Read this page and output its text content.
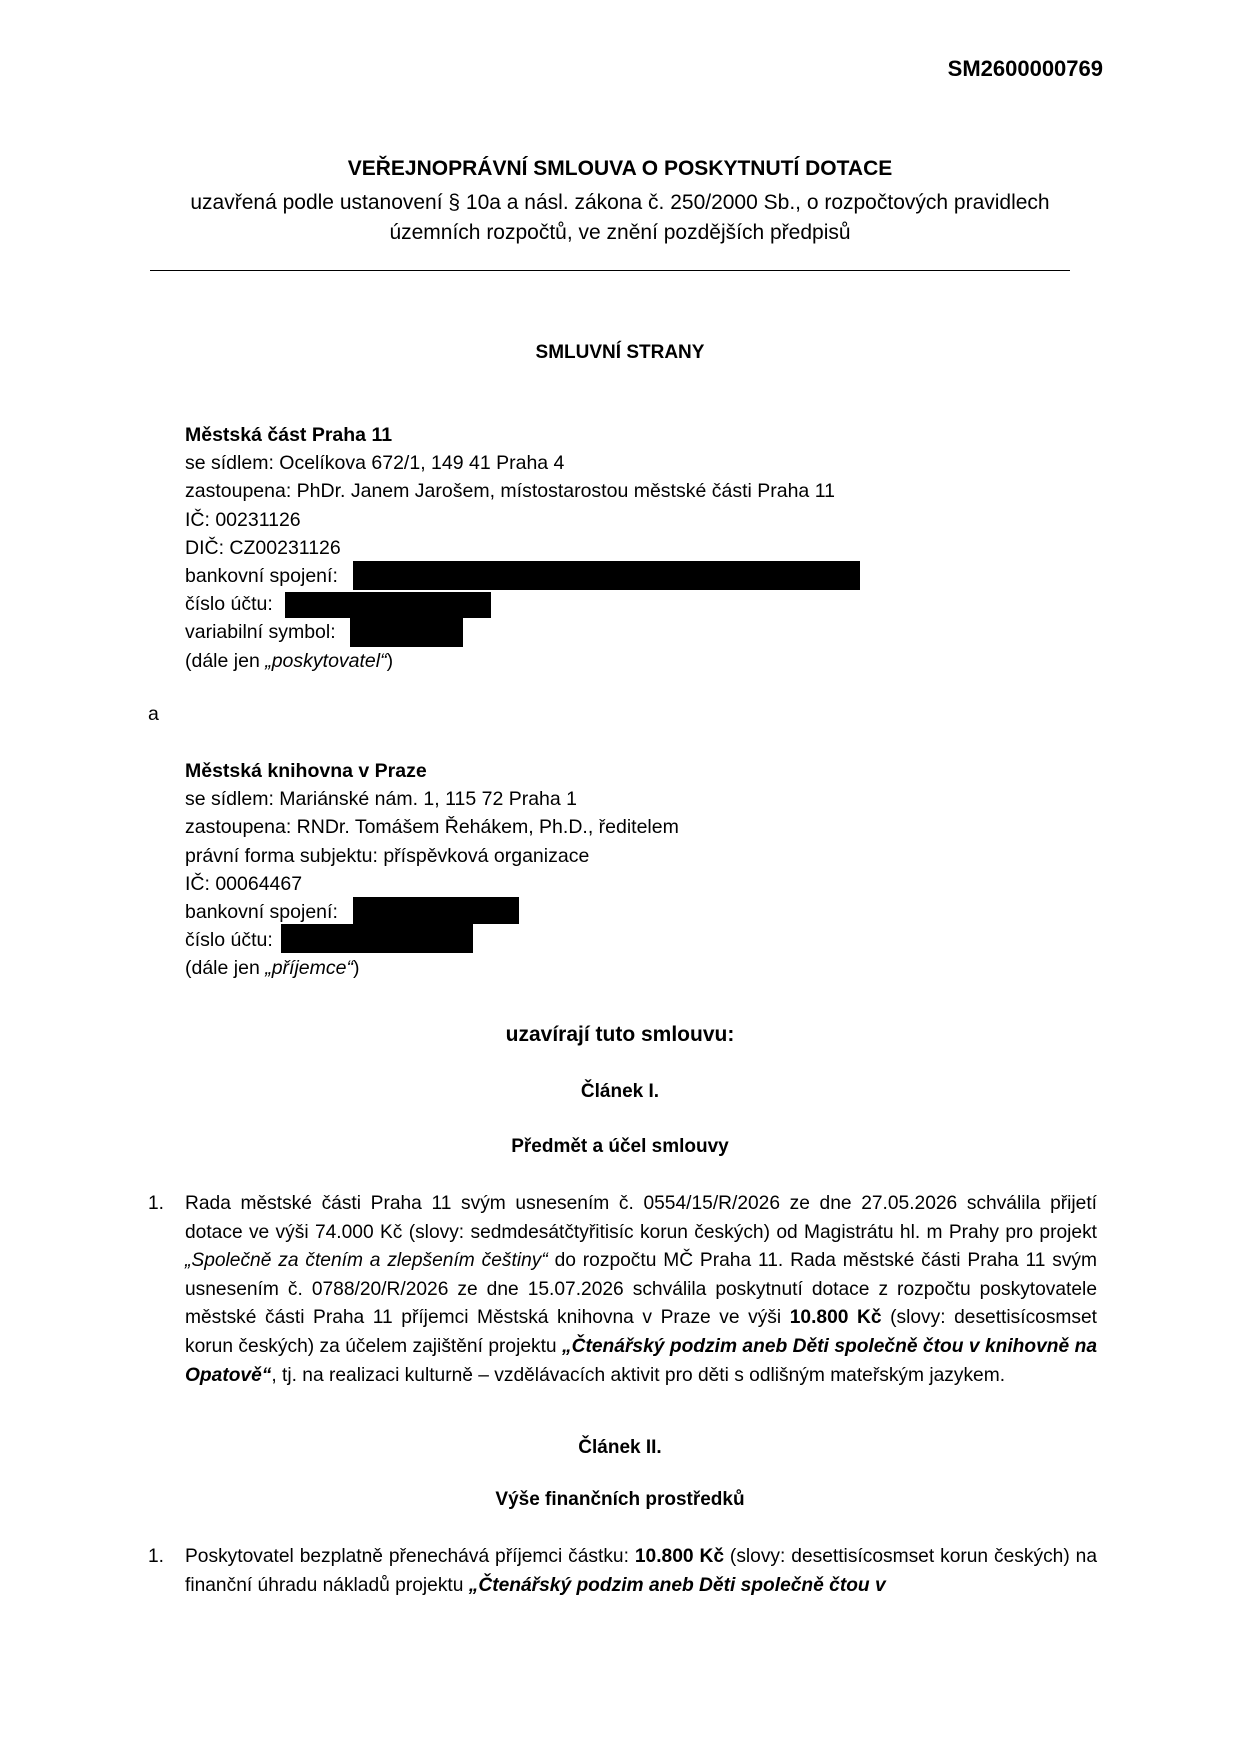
SM2600000769
VEŘEJNOPRÁVNÍ SMLOUVA O POSKYTNUTÍ DOTACE
uzavřená podle ustanovení § 10a a násl. zákona č. 250/2000 Sb., o rozpočtových pravidlech
územních rozpočtů, ve znění pozdějších předpisů
SMLUVNÍ STRANY
Městská část Praha 11
se sídlem: Ocelíkova 672/1, 149 41 Praha 4
zastoupena: PhDr. Janem Jarošem, místostarostou městské části Praha 11
IČ: 00231126
DIČ: CZ00231126
bankovní spojení:
číslo účtu:
variabilní symbol:
(dále jen „poskytovatel“)
a
Městská knihovna v Praze
se sídlem: Mariánské nám. 1, 115 72 Praha 1
zastoupena: RNDr. Tomášem Řehákem, Ph.D., ředitelem
právní forma subjektu: příspěvková organizace
IČ: 00064467
bankovní spojení:
číslo účtu:
(dále jen „příjemce“)
uzavírají tuto smlouvu:
Článek I.
Předmět a účel smlouvy
1. Rada městské části Praha 11 svým usnesením č. 0554/15/R/2026 ze dne 27.05.2026 schválila přijetí dotace ve výši 74.000 Kč (slovy: sedmdesátčtyřitisíc korun českých) od Magistrátu hl. m Prahy pro projekt „Společně za čtením a zlepšením češtiny“ do rozpočtu MČ Praha 11. Rada městské části Praha 11 svým usnesením č. 0788/20/R/2026 ze dne 15.07.2026 schválila poskytnutí dotace z rozpočtu poskytovatele městské části Praha 11 příjemci Městská knihovna v Praze ve výši 10.800 Kč (slovy: desettisícosmset korun českých) za účelem zajištění projektu „Čtenářský podzim aneb Děti společně čtou v knihovně na Opatově“, tj. na realizaci kulturně – vzdělávacích aktivit pro děti s odlišným mateřským jazykem.
Článek II.
Výše finančních prostředků
1. Poskytovatel bezplatně přenechává příjemci částku: 10.800 Kč (slovy: desettisícosmset korun českých) na finanční úhradu nákladů projektu „Čtenářský podzim aneb Děti společně čtou v
